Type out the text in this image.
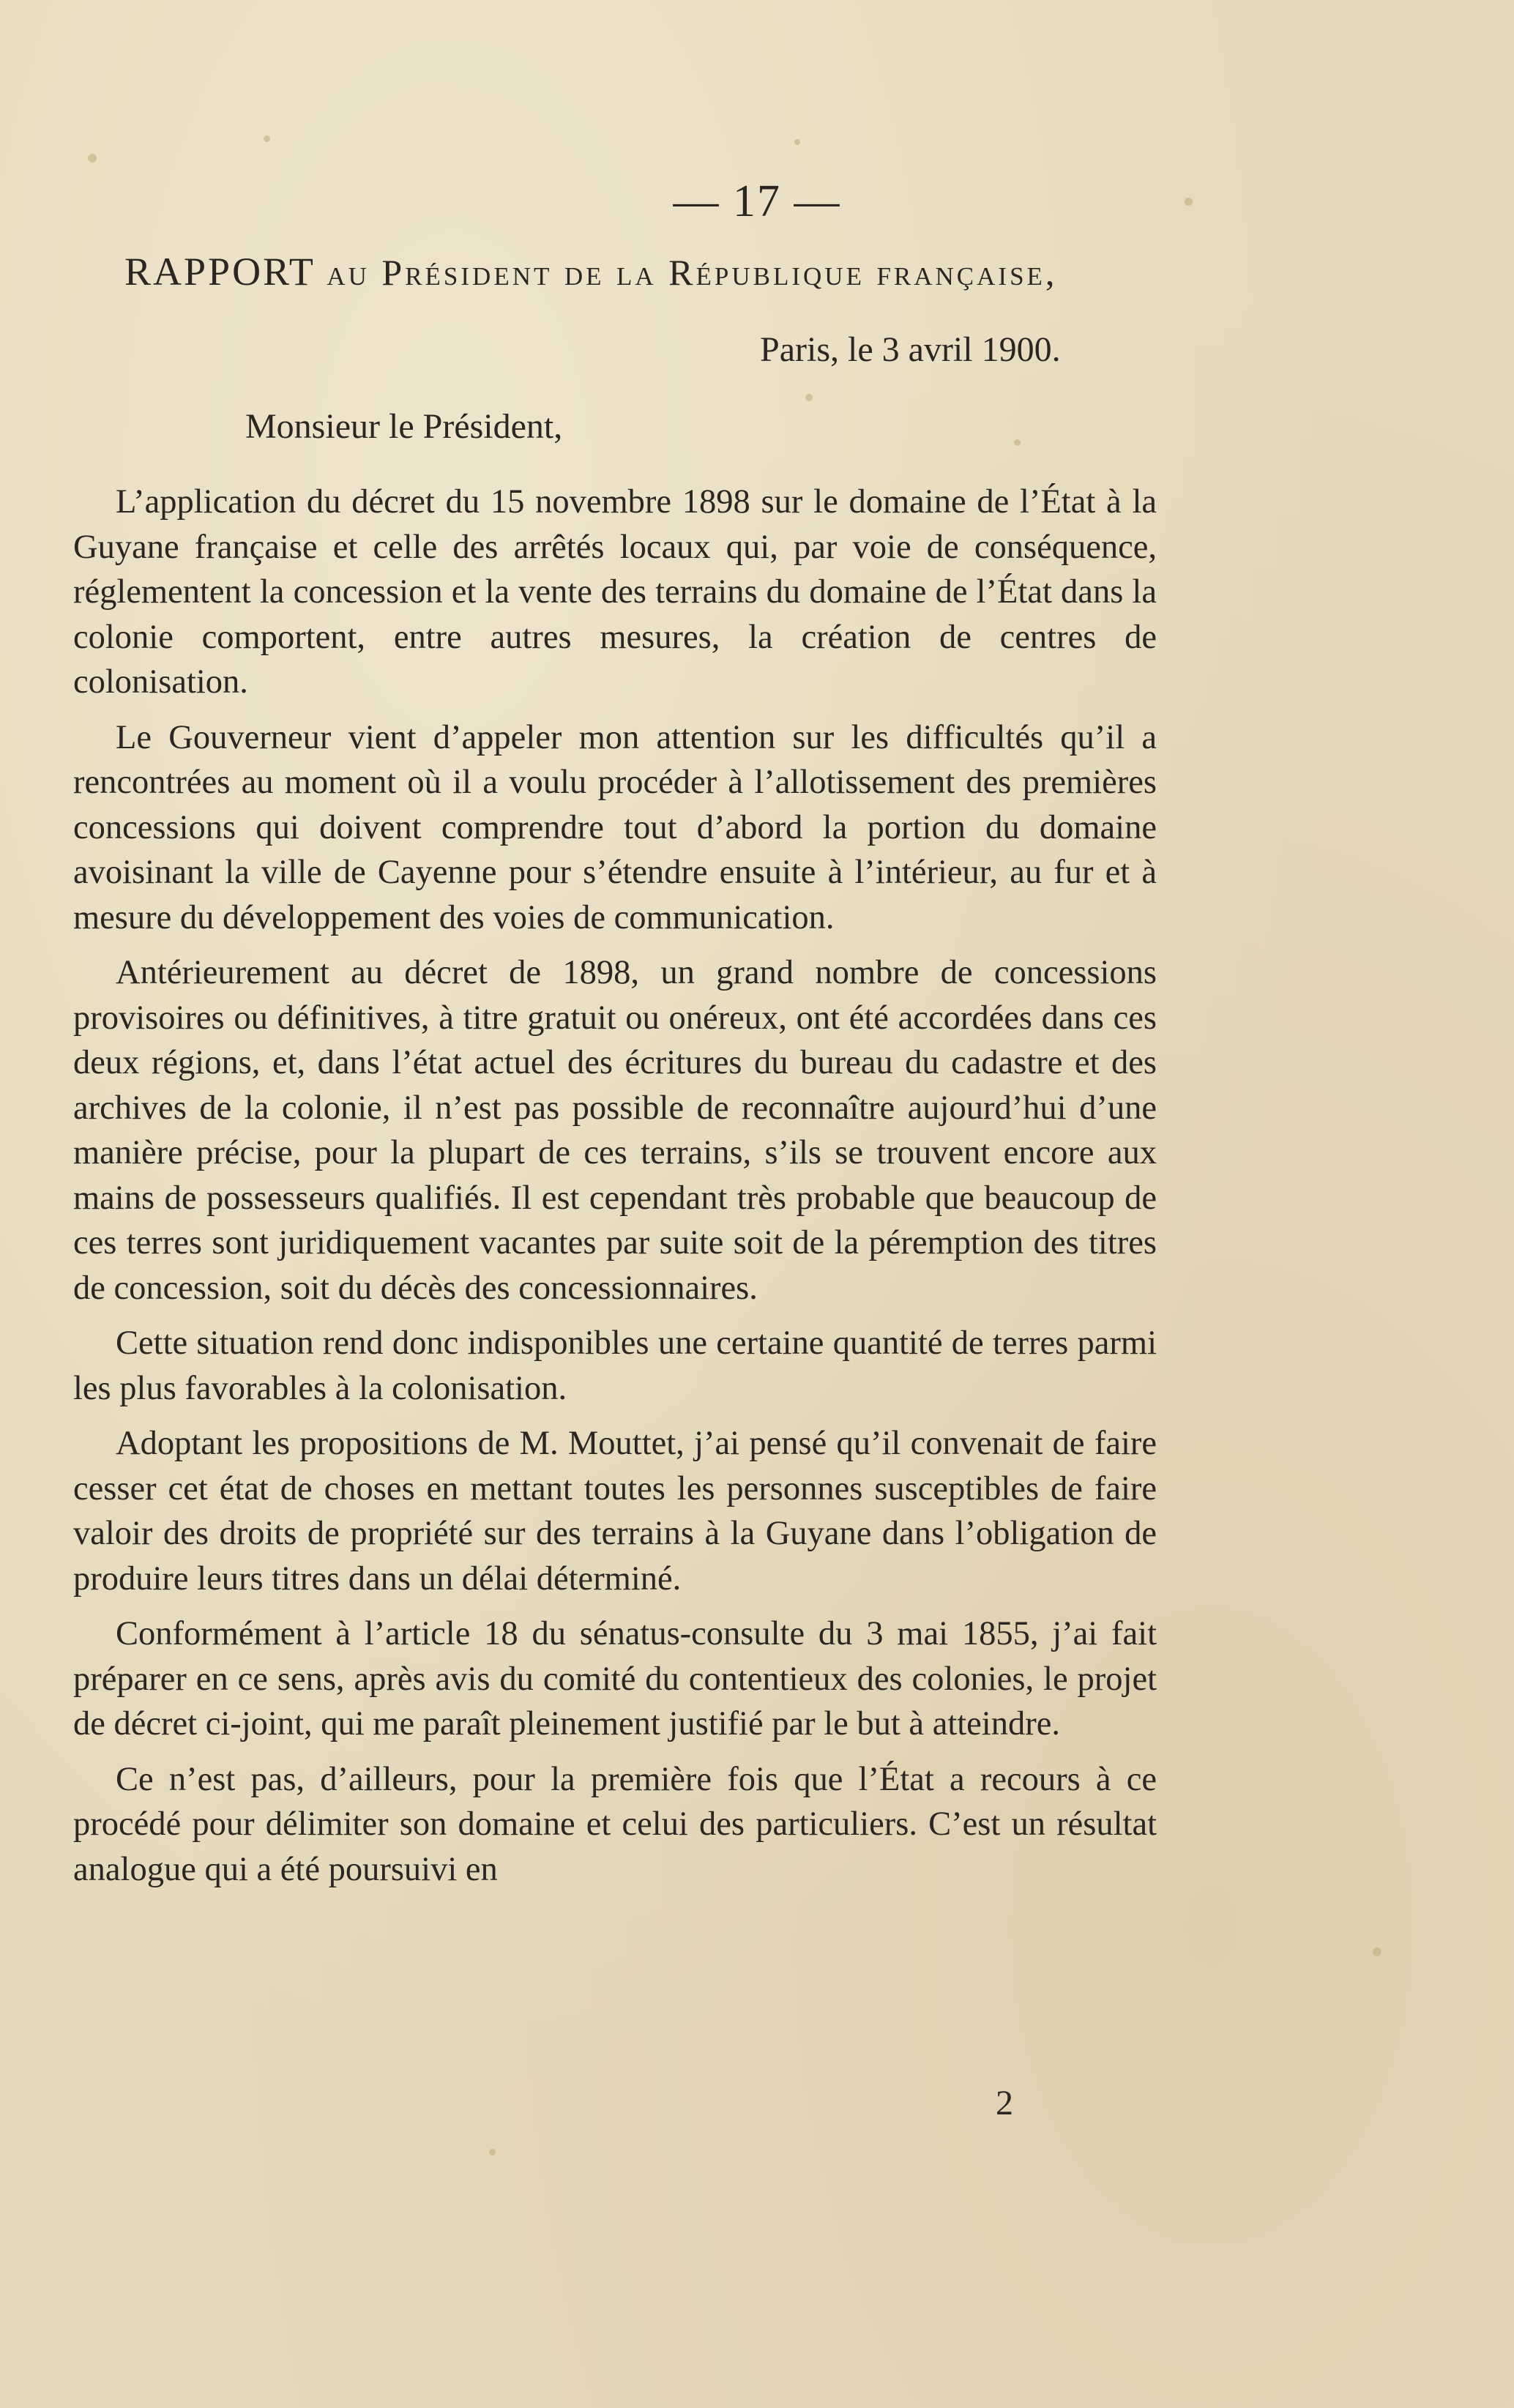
— 17 —
RAPPORT au Président de la République française,
Paris, le 3 avril 1900.
Monsieur le Président,

L’application du décret du 15 novembre 1898 sur le domaine de l’État à la Guyane française et celle des arrêtés locaux qui, par voie de conséquence, réglementent la concession et la vente des terrains du domaine de l’État dans la colonie comportent, entre autres mesures, la création de centres de colonisation.

Le Gouverneur vient d’appeler mon attention sur les difficultés qu’il a rencontrées au moment où il a voulu procéder à l’allotissement des premières concessions qui doivent comprendre tout d’abord la portion du domaine avoisinant la ville de Cayenne pour s’étendre ensuite à l’intérieur, au fur et à mesure du développement des voies de communication.

Antérieurement au décret de 1898, un grand nombre de concessions provisoires ou définitives, à titre gratuit ou onéreux, ont été accordées dans ces deux régions, et, dans l’état actuel des écritures du bureau du cadastre et des archives de la colonie, il n’est pas possible de reconnaître aujourd’hui d’une manière précise, pour la plupart de ces terrains, s’ils se trouvent encore aux mains de possesseurs qualifiés. Il est cependant très probable que beaucoup de ces terres sont juridiquement vacantes par suite soit de la péremption des titres de concession, soit du décès des concessionnaires.

Cette situation rend donc indisponibles une certaine quantité de terres parmi les plus favorables à la colonisation.

Adoptant les propositions de M. Mouttet, j’ai pensé qu’il convenait de faire cesser cet état de choses en mettant toutes les personnes susceptibles de faire valoir des droits de propriété sur des terrains à la Guyane dans l’obligation de produire leurs titres dans un délai déterminé.

Conformément à l’article 18 du sénatus-consulte du 3 mai 1855, j’ai fait préparer en ce sens, après avis du comité du contentieux des colonies, le projet de décret ci-joint, qui me paraît pleinement justifié par le but à atteindre.

Ce n’est pas, d’ailleurs, pour la première fois que l’État a recours à ce procédé pour délimiter son domaine et celui des particuliers. C’est un résultat analogue qui a été poursuivi en

2
